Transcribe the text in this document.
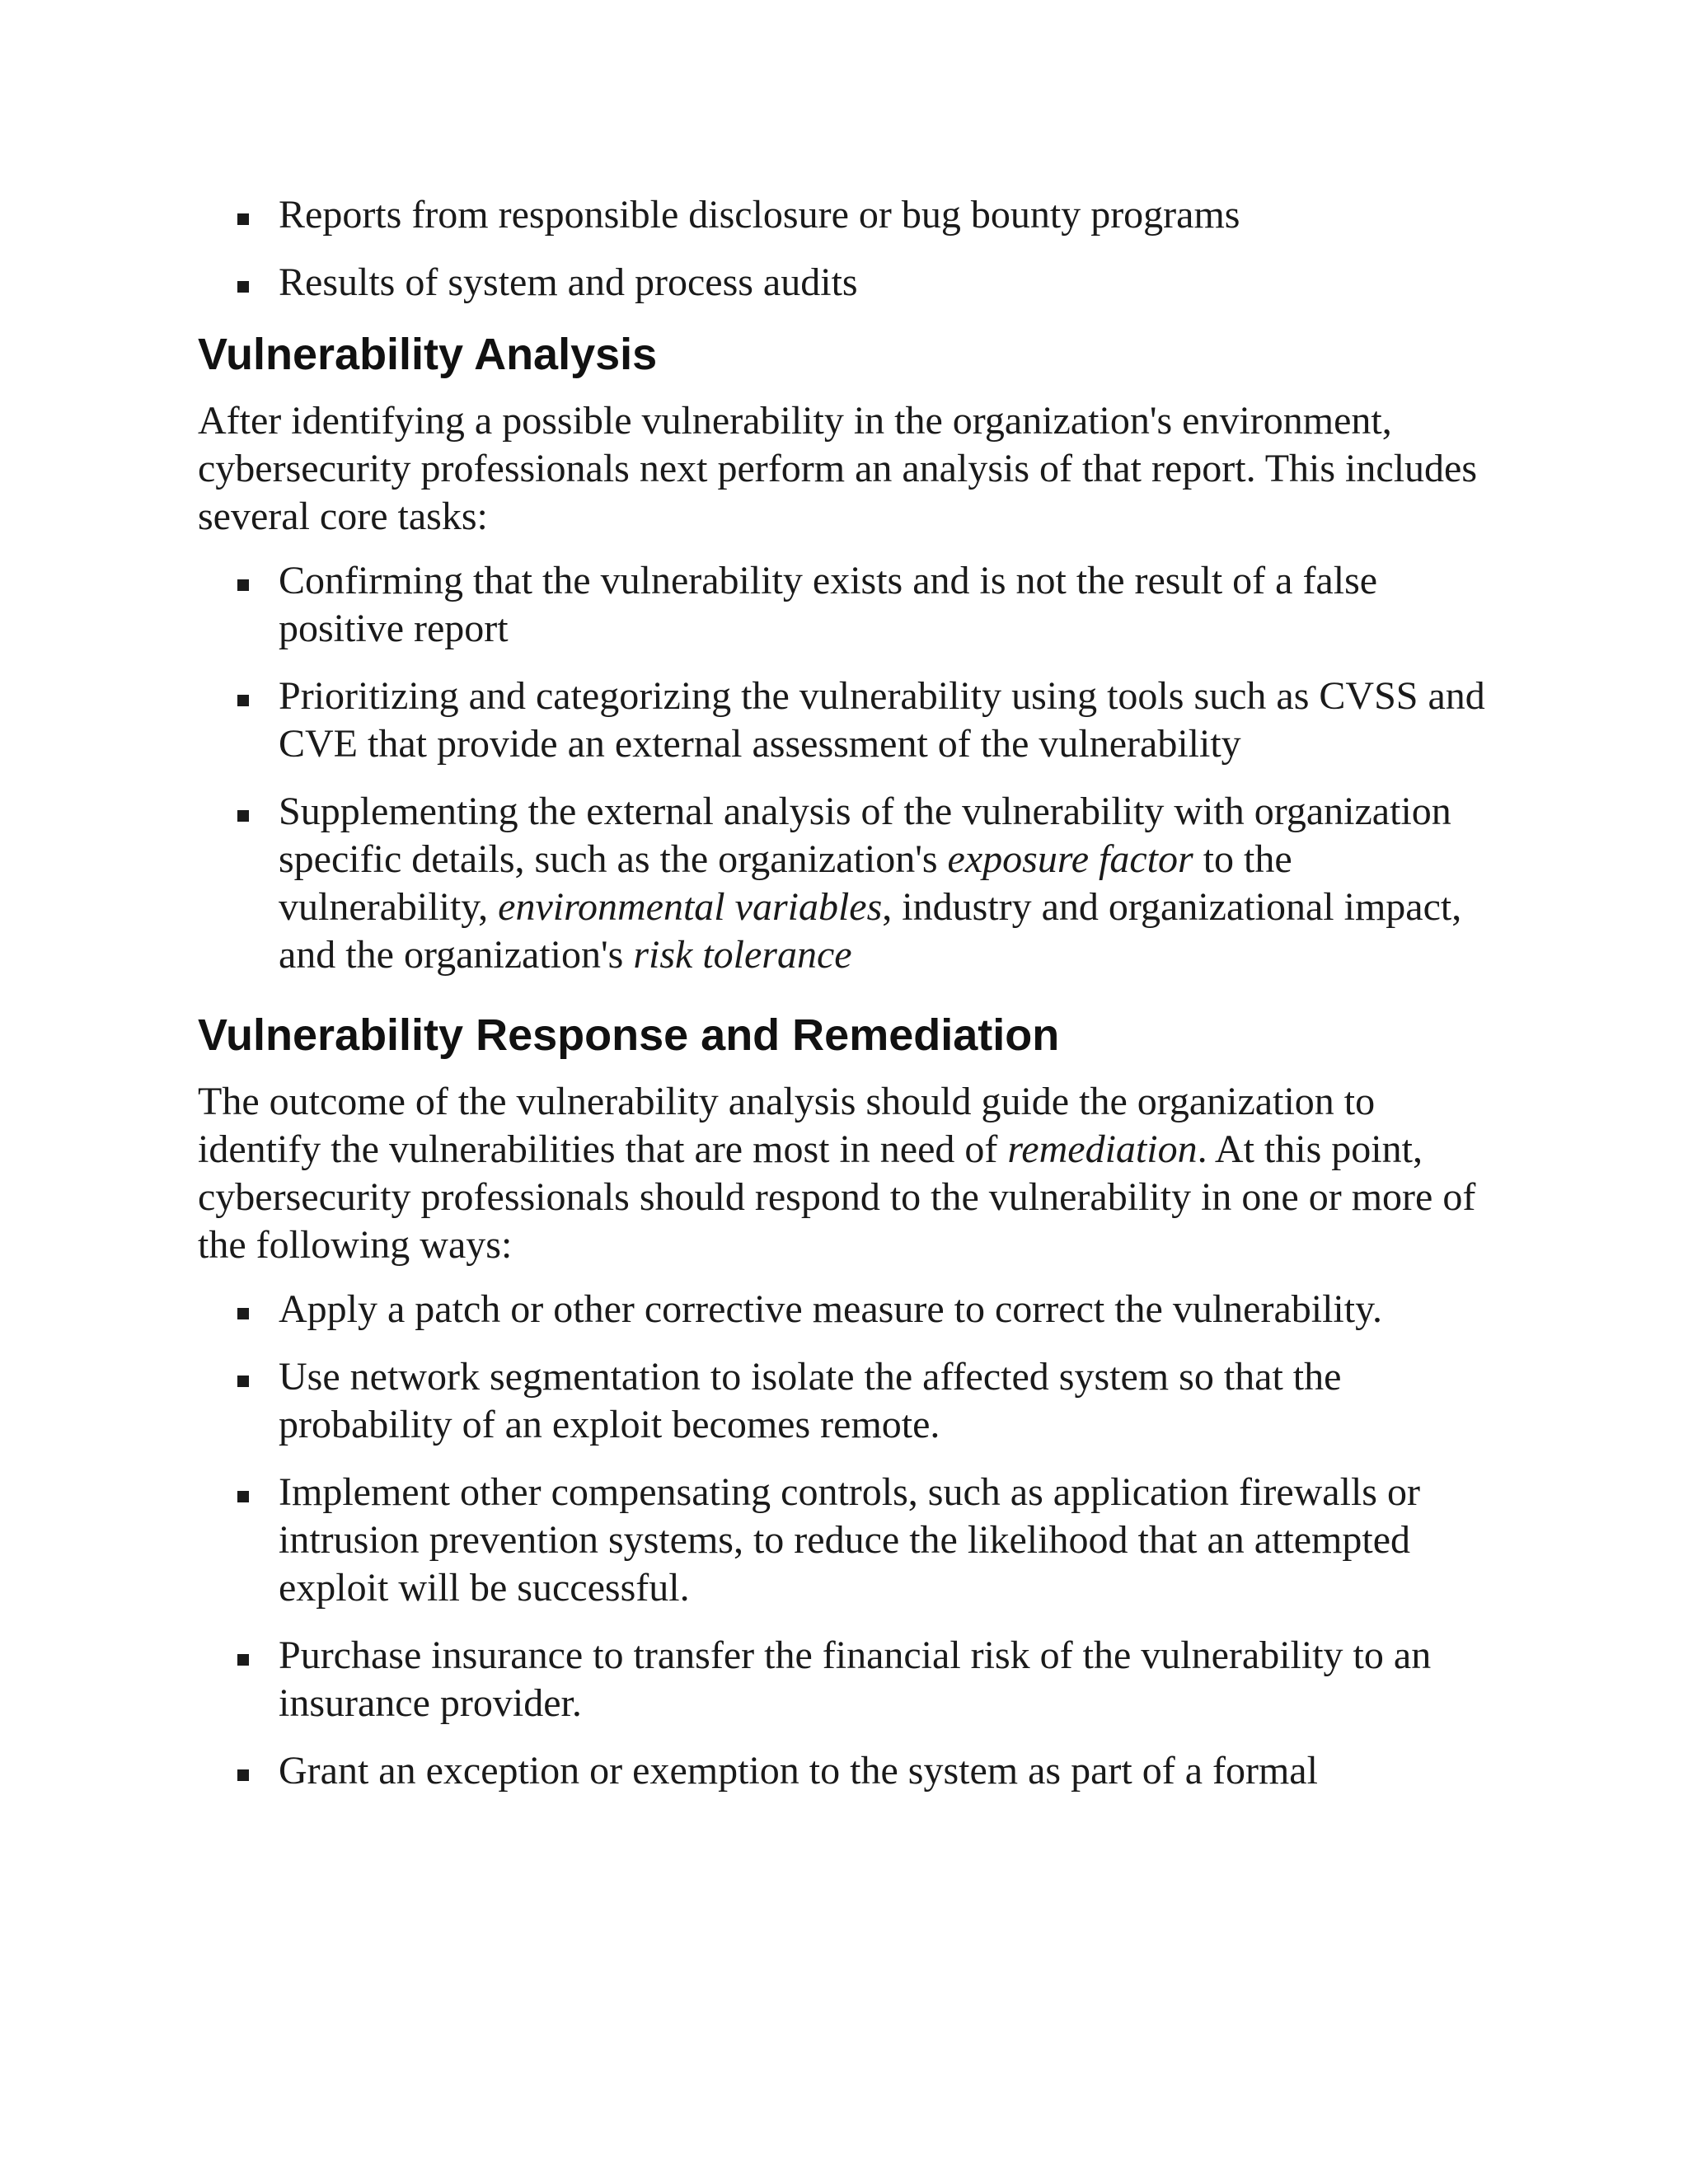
Reports from responsible disclosure or bug bounty programs
Results of system and process audits
Vulnerability Analysis

After identifying a possible vulnerability in the organization's environment, cybersecurity professionals next perform an analysis of that report. This includes several core tasks:

Confirming that the vulnerability exists and is not the result of a false positive report
Prioritizing and categorizing the vulnerability using tools such as CVSS and CVE that provide an external assessment of the vulnerability
Supplementing the external analysis of the vulnerability with organization specific details, such as the organization's exposure factor to the vulnerability, environmental variables, industry and organizational impact, and the organization's risk tolerance
Vulnerability Response and Remediation

The outcome of the vulnerability analysis should guide the organization to identify the vulnerabilities that are most in need of remediation. At this point, cybersecurity professionals should respond to the vulnerability in one or more of the following ways:

Apply a patch or other corrective measure to correct the vulnerability.
Use network segmentation to isolate the affected system so that the probability of an exploit becomes remote.
Implement other compensating controls, such as application firewalls or intrusion prevention systems, to reduce the likelihood that an attempted exploit will be successful.
Purchase insurance to transfer the financial risk of the vulnerability to an insurance provider.
Grant an exception or exemption to the system as part of a formal
